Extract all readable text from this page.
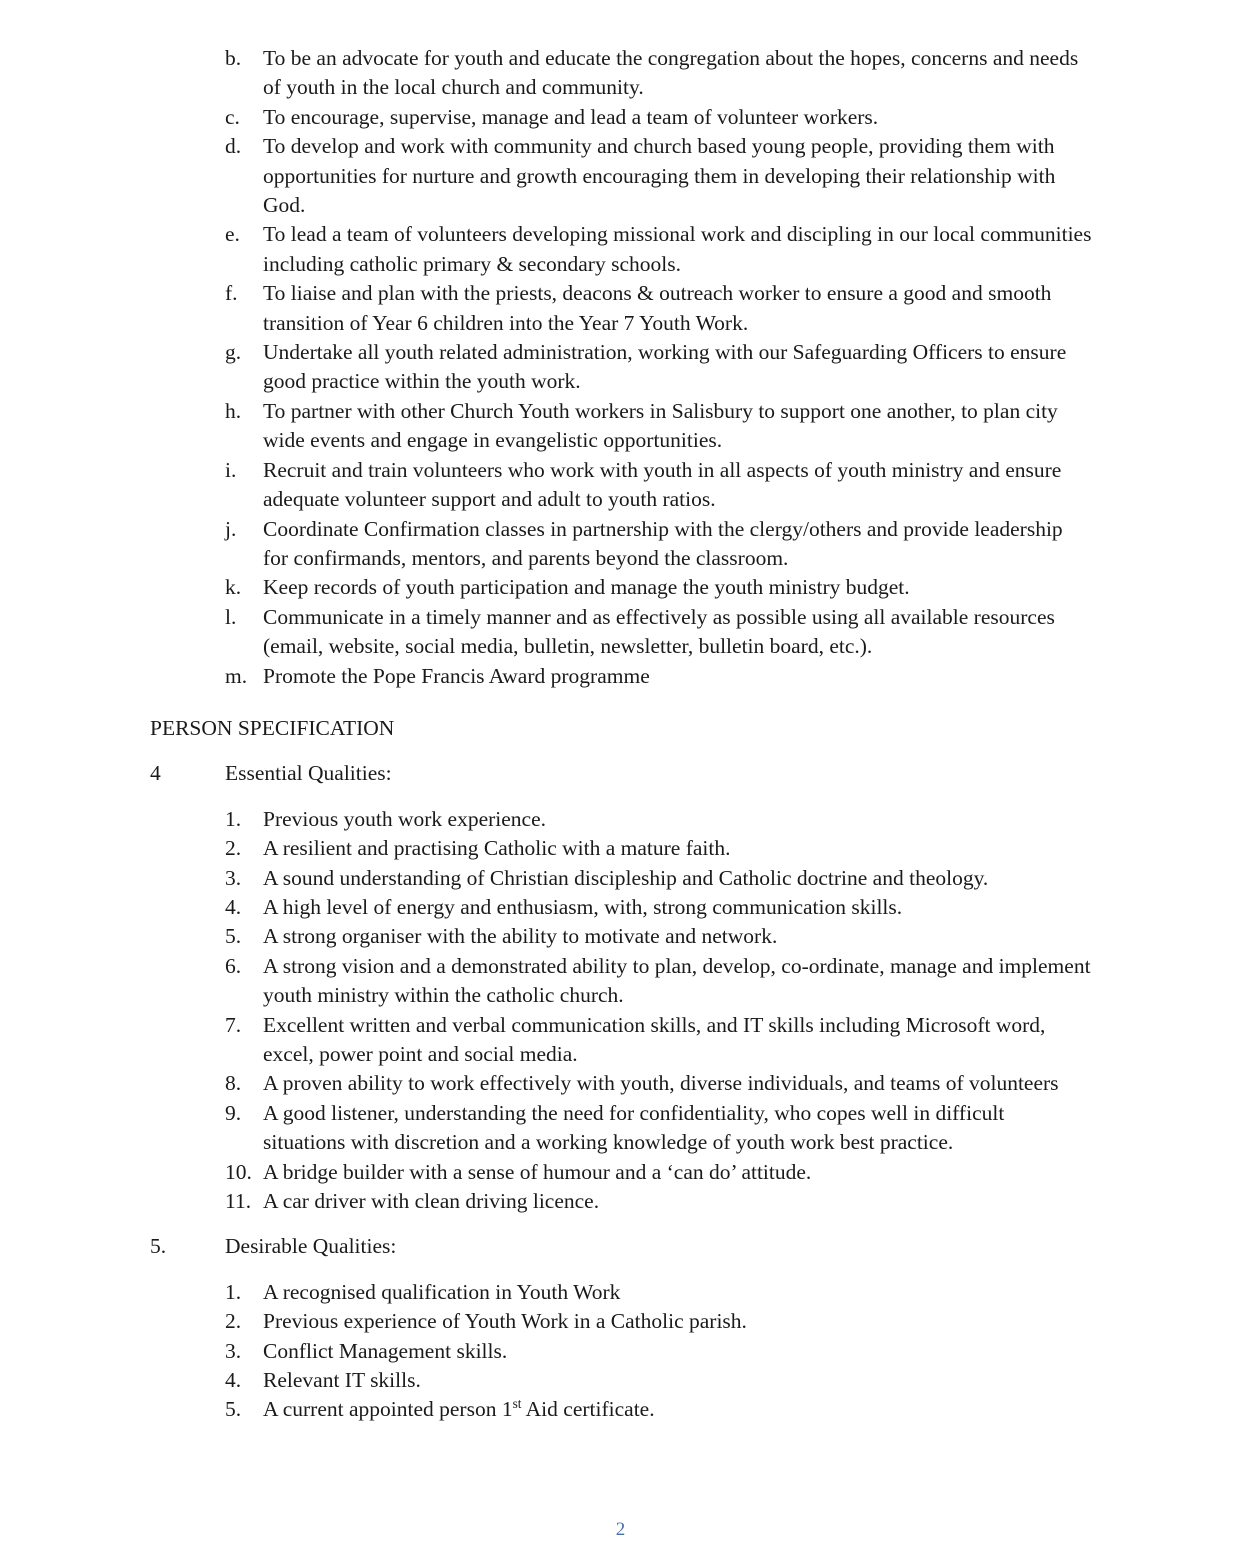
b.	To be an advocate for youth and educate the congregation about the hopes, concerns and needs of youth in the local church and community.
c.	To encourage, supervise, manage and lead a team of volunteer workers.
d.	To develop and work with community and church based young people, providing them with opportunities for nurture and growth encouraging them in developing their relationship with God.
e.	To lead a team of volunteers developing missional work and discipling in our local communities including catholic primary & secondary schools.
f.	To liaise and plan with the priests, deacons & outreach worker to ensure a good and smooth transition of Year 6 children into the Year 7 Youth Work.
g.	Undertake all youth related administration, working with our Safeguarding Officers to ensure good practice within the youth work.
h.	To partner with other Church Youth workers in Salisbury to support one another, to plan city wide events and engage in evangelistic opportunities.
i.	Recruit and train volunteers who work with youth in all aspects of youth ministry and ensure adequate volunteer support and adult to youth ratios.
j.	Coordinate Confirmation classes in partnership with the clergy/others and provide leadership for confirmands, mentors, and parents beyond the classroom.
k.	Keep records of youth participation and manage the youth ministry budget.
l.	Communicate in a timely manner and as effectively as possible using all available resources (email, website, social media, bulletin, newsletter, bulletin board, etc.).
m. Promote the Pope Francis Award programme
PERSON SPECIFICATION
4	Essential Qualities:
1.	Previous youth work experience.
2.	A resilient and practising Catholic with a mature faith.
3.	A sound understanding of Christian discipleship and Catholic doctrine and theology.
4.	A high level of energy and enthusiasm, with, strong communication skills.
5.	A strong organiser with the ability to motivate and network.
6.	A strong vision and a demonstrated ability to plan, develop, co-ordinate, manage and implement youth ministry within the catholic church.
7.	Excellent written and verbal communication skills, and IT skills including Microsoft word, excel, power point and social media.
8.	A proven ability to work effectively with youth, diverse individuals, and teams of volunteers
9.	A good listener, understanding the need for confidentiality, who copes well in difficult situations with discretion and a working knowledge of youth work best practice.
10. A bridge builder with a sense of humour and a ‘can do’ attitude.
11. A car driver with clean driving licence.
5.	Desirable Qualities:
1.	A recognised qualification in Youth Work
2.	Previous experience of Youth Work in a Catholic parish.
3.	Conflict Management skills.
4.	Relevant IT skills.
5.	A current appointed person 1st Aid certificate.
2
